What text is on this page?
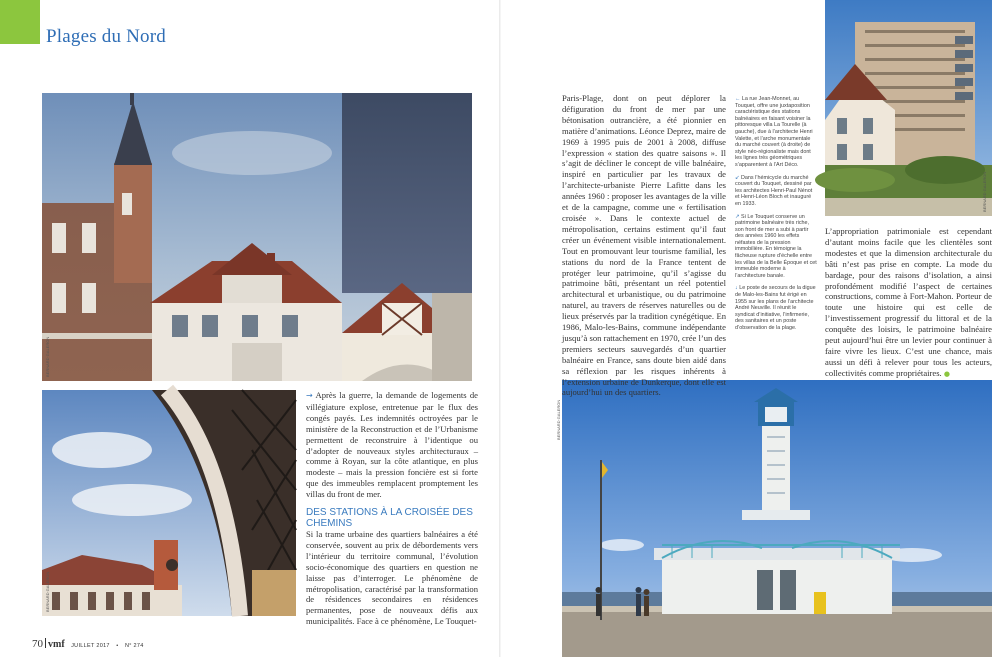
Plages du Nord
BERNARD GALERON
BERNARD GALERON
BERNARD GALERON
BERNARD GALERON

→ Après la guerre, la demande de logements de villégiature explose, entretenue par le flux des congés payés. Les indemnités octroyées par le ministère de la Reconstruction et de l’Urbanisme permettent de reconstruire à l’identique ou d’adopter de nouveaux styles architecturaux – comme à Royan, sur la côte atlantique, en plus modeste – mais la pression foncière est si forte que des immeubles remplacent promptement les villas du front de mer.

DES STATIONS À LA CROISÉE DES CHEMINS

Si la trame urbaine des quartiers balnéaires a été conservée, souvent au prix de débordements vers l’intérieur du territoire communal, l’évolution socio-économique des quartiers en question ne laisse pas d’interroger. Le phénomène de métropolisation, caractérisé par la transformation de résidences secondaires en résidences permanentes, pose de nouveaux défis aux municipalités. Face à ce phénomène, Le Touquet-

Paris-Plage, dont on peut déplorer la défiguration du front de mer par une bétonisation outrancière, a été pionnier en matière d’animations. Léonce Deprez, maire de 1969 à 1995 puis de 2001 à 2008, diffuse l’expression « station des quatre saisons ». Il s’agit de décliner le concept de ville balnéaire, inspiré en particulier par les travaux de l’architecte-urbaniste Pierre Lafitte dans les années 1960 : proposer les avantages de la ville et de la campagne, comme une « fertilisation croisée ». Dans le contexte actuel de métropolisation, certains estiment qu’il faut créer un événement visible internationalement. Tout en promouvant leur tourisme familial, les stations du nord de la France tentent de protéger leur patrimoine, qu’il s’agisse du patrimoine bâti, présentant un réel potentiel architectural et urbanistique, ou du patrimoine naturel, au travers de réserves naturelles ou de lieux préservés par la tradition cynégétique. En 1986, Malo-les-Bains, commune indépendante jusqu’à son rattachement en 1970, crée l’un des premiers secteurs sauvegardés d’un quartier balnéaire en France, sans doute bien aidé dans sa réflexion par les risques inhérents à l’extension urbaine de Dunkerque, dont elle est aujourd’hui un des quartiers.

← La rue Jean-Monnet, au Touquet, offre une juxtaposition caractéristique des stations balnéaires en faisant voisiner la pittoresque villa La Tourelle (à gauche), due à l’architecte Henri Valette, et l’arche monumentale du marché couvert (à droite) de style néo-régionaliste mais dont les lignes très géométriques s’apparentent à l’Art Déco.
↙ Dans l’hémicycle du marché couvert du Touquet, dessiné par les architectes Henri-Paul Nénot et Henri-Léon Bloch et inauguré en 1933.
↗ Si Le Touquet conserve un patrimoine balnéaire très riche, son front de mer a subi à partir des années 1960 les effets néfastes de la pression immobilière. En témoigne la fâcheuse rupture d’échelle entre les villas de la Belle Époque et cet immeuble moderne à l’architecture banale.
↓ Le poste de secours de la digue de Malo-les-Bains fut érigé en 1955 sur les plans de l’architecte André Neuville. Il réunit le syndicat d’initiative, l’infirmerie, des sanitaires et un poste d’observation de la plage.

L’appropriation patrimoniale est cependant d’autant moins facile que les clientèles sont modestes et que la dimension architecturale du bâti n’est pas prise en compte. La mode du bardage, pour des raisons d’isolation, a ainsi profondément modifié l’aspect de certaines constructions, comme à Fort-Mahon. Porteur de toute une histoire qui est celle de l’investissement progressif du littoral et de la conquête des loisirs, le patrimoine balnéaire peut aujourd’hui être un levier pour continuer à faire vivre les lieux. C’est une chance, mais aussi un défi à relever pour tous les acteurs, collectivités comme propriétaires. ●

70 vmf JUILLET 2017 • N° 274
